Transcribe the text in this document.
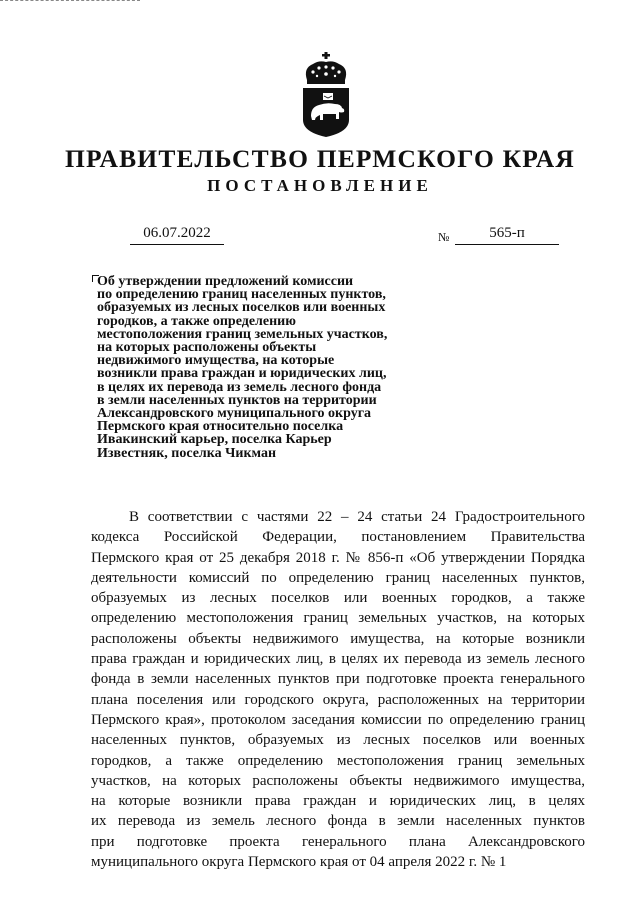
ПРАВИТЕЛЬСТВО ПЕРМСКОГО КРАЯ
ПОСТАНОВЛЕНИЕ
06.07.2022	№	565-п
Об утверждении предложений комиссии
по определению границ населенных пунктов,
образуемых из лесных поселков или военных
городков, а также определению
местоположения границ земельных участков,
на которых расположены объекты
недвижимого имущества, на которые
возникли права граждан и юридических лиц,
в целях их перевода из земель лесного фонда
в земли населенных пунктов на территории
Александровского муниципального округа
Пермского края относительно поселка
Ивакинский карьер, поселка Карьер
Известняк, поселка Чикман
В соответствии с частями 22 – 24 статьи 24 Градостроительного
кодекса Российской Федерации, постановлением Правительства
Пермского края от 25 декабря 2018 г. № 856-п «Об утверждении Порядка
деятельности комиссий по определению границ населенных пунктов,
образуемых из лесных поселков или военных городков, а также
определению местоположения границ земельных участков, на которых
расположены объекты недвижимого имущества, на которые возникли
права граждан и юридических лиц, в целях их перевода из земель лесного
фонда в земли населенных пунктов при подготовке проекта генерального
плана поселения или городского округа, расположенных на территории
Пермского края», протоколом заседания комиссии по определению границ
населенных пунктов, образуемых из лесных поселков или военных
городков, а также определению местоположения границ земельных
участков, на которых расположены объекты недвижимого имущества,
на которые возникли права граждан и юридических лиц, в целях
их перевода из земель лесного фонда в земли населенных пунктов
при подготовке проекта генерального плана Александровского
муниципального округа Пермского края от 04 апреля 2022 г. № 1
